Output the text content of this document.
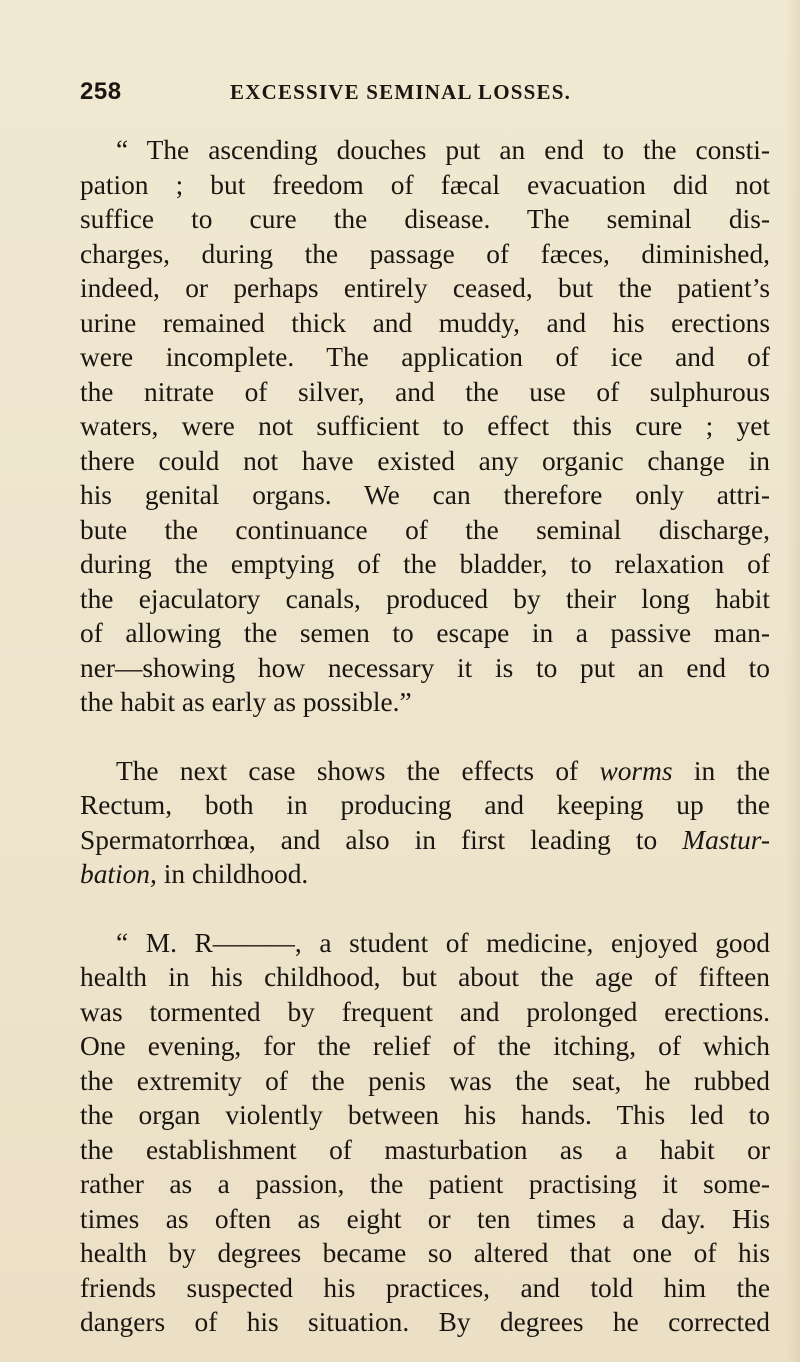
258	EXCESSIVE SEMINAL LOSSES.
“ The ascending douches put an end to the consti-
pation ; but freedom of fæcal evacuation did not
suffice to cure the disease. The seminal dis-
charges, during the passage of fæces, diminished,
indeed, or perhaps entirely ceased, but the patient’s
urine remained thick and muddy, and his erections
were incomplete. The application of ice and of
the nitrate of silver, and the use of sulphurous
waters, were not sufficient to effect this cure ; yet
there could not have existed any organic change in
his genital organs. We can therefore only attri-
bute the continuance of the seminal discharge,
during the emptying of the bladder, to relaxation of
the ejaculatory canals, produced by their long habit
of allowing the semen to escape in a passive man-
ner—showing how necessary it is to put an end to
the habit as early as possible.”
The next case shows the effects of worms in the
Rectum, both in producing and keeping up the
Spermatorrhœa, and also in first leading to Mastur-
bation, in childhood.
“ M. R———, a student of medicine, enjoyed good
health in his childhood, but about the age of fifteen
was tormented by frequent and prolonged erections.
One evening, for the relief of the itching, of which
the extremity of the penis was the seat, he rubbed
the organ violently between his hands. This led to
the establishment of masturbation as a habit or
rather as a passion, the patient practising it some-
times as often as eight or ten times a day. His
health by degrees became so altered that one of his
friends suspected his practices, and told him the
dangers of his situation. By degrees he corrected
